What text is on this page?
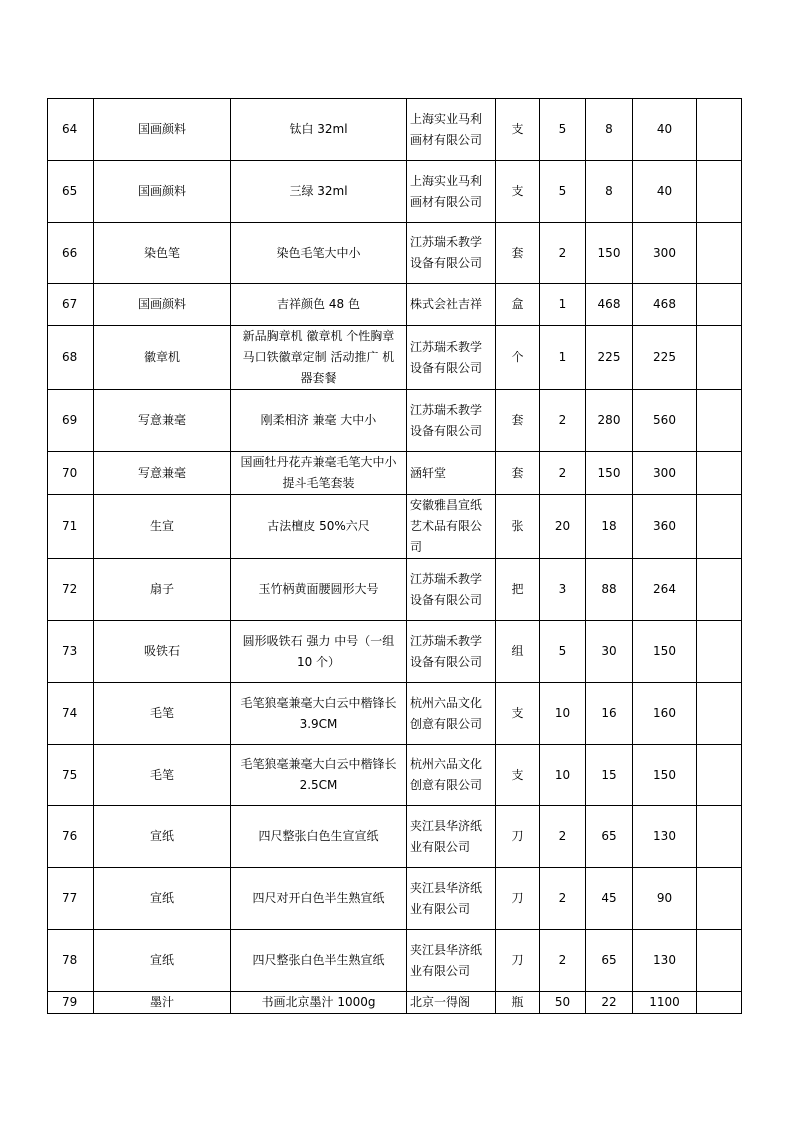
64	国画颜料	钛白 32ml	上海实业马利画材有限公司	支	5	8	40	
65	国画颜料	三绿 32ml	上海实业马利画材有限公司	支	5	8	40	
66	染色笔	染色毛笔大中小	江苏瑞禾教学设备有限公司	套	2	150	300	
67	国画颜料	吉祥颜色 48 色	株式会社吉祥	盒	1	468	468	
68	徽章机	新品胸章机 徽章机 个性胸章 马口铁徽章定制 活动推广 机器套餐	江苏瑞禾教学设备有限公司	个	1	225	225	
69	写意兼毫	刚柔相济 兼毫 大中小	江苏瑞禾教学设备有限公司	套	2	280	560	
70	写意兼毫	国画牡丹花卉兼毫毛笔大中小提斗毛笔套装	涵轩堂	套	2	150	300	
71	生宣	古法檀皮 50%六尺	安徽雅昌宣纸艺术品有限公司	张	20	18	360	
72	扇子	玉竹柄黄面腰圆形大号	江苏瑞禾教学设备有限公司	把	3	88	264	
73	吸铁石	圆形吸铁石 强力 中号（一组 10 个）	江苏瑞禾教学设备有限公司	组	5	30	150	
74	毛笔	毛笔狼毫兼毫大白云中楷锋长 3.9CM	杭州六品文化创意有限公司	支	10	16	160	
75	毛笔	毛笔狼毫兼毫大白云中楷锋长 2.5CM	杭州六品文化创意有限公司	支	10	15	150	
76	宣纸	四尺整张白色生宣宣纸	夹江县华济纸业有限公司	刀	2	65	130	
77	宣纸	四尺对开白色半生熟宣纸	夹江县华济纸业有限公司	刀	2	45	90	
78	宣纸	四尺整张白色半生熟宣纸	夹江县华济纸业有限公司	刀	2	65	130	
79	墨汁	书画北京墨汁 1000g	北京一得阁	瓶	50	22	1100	
